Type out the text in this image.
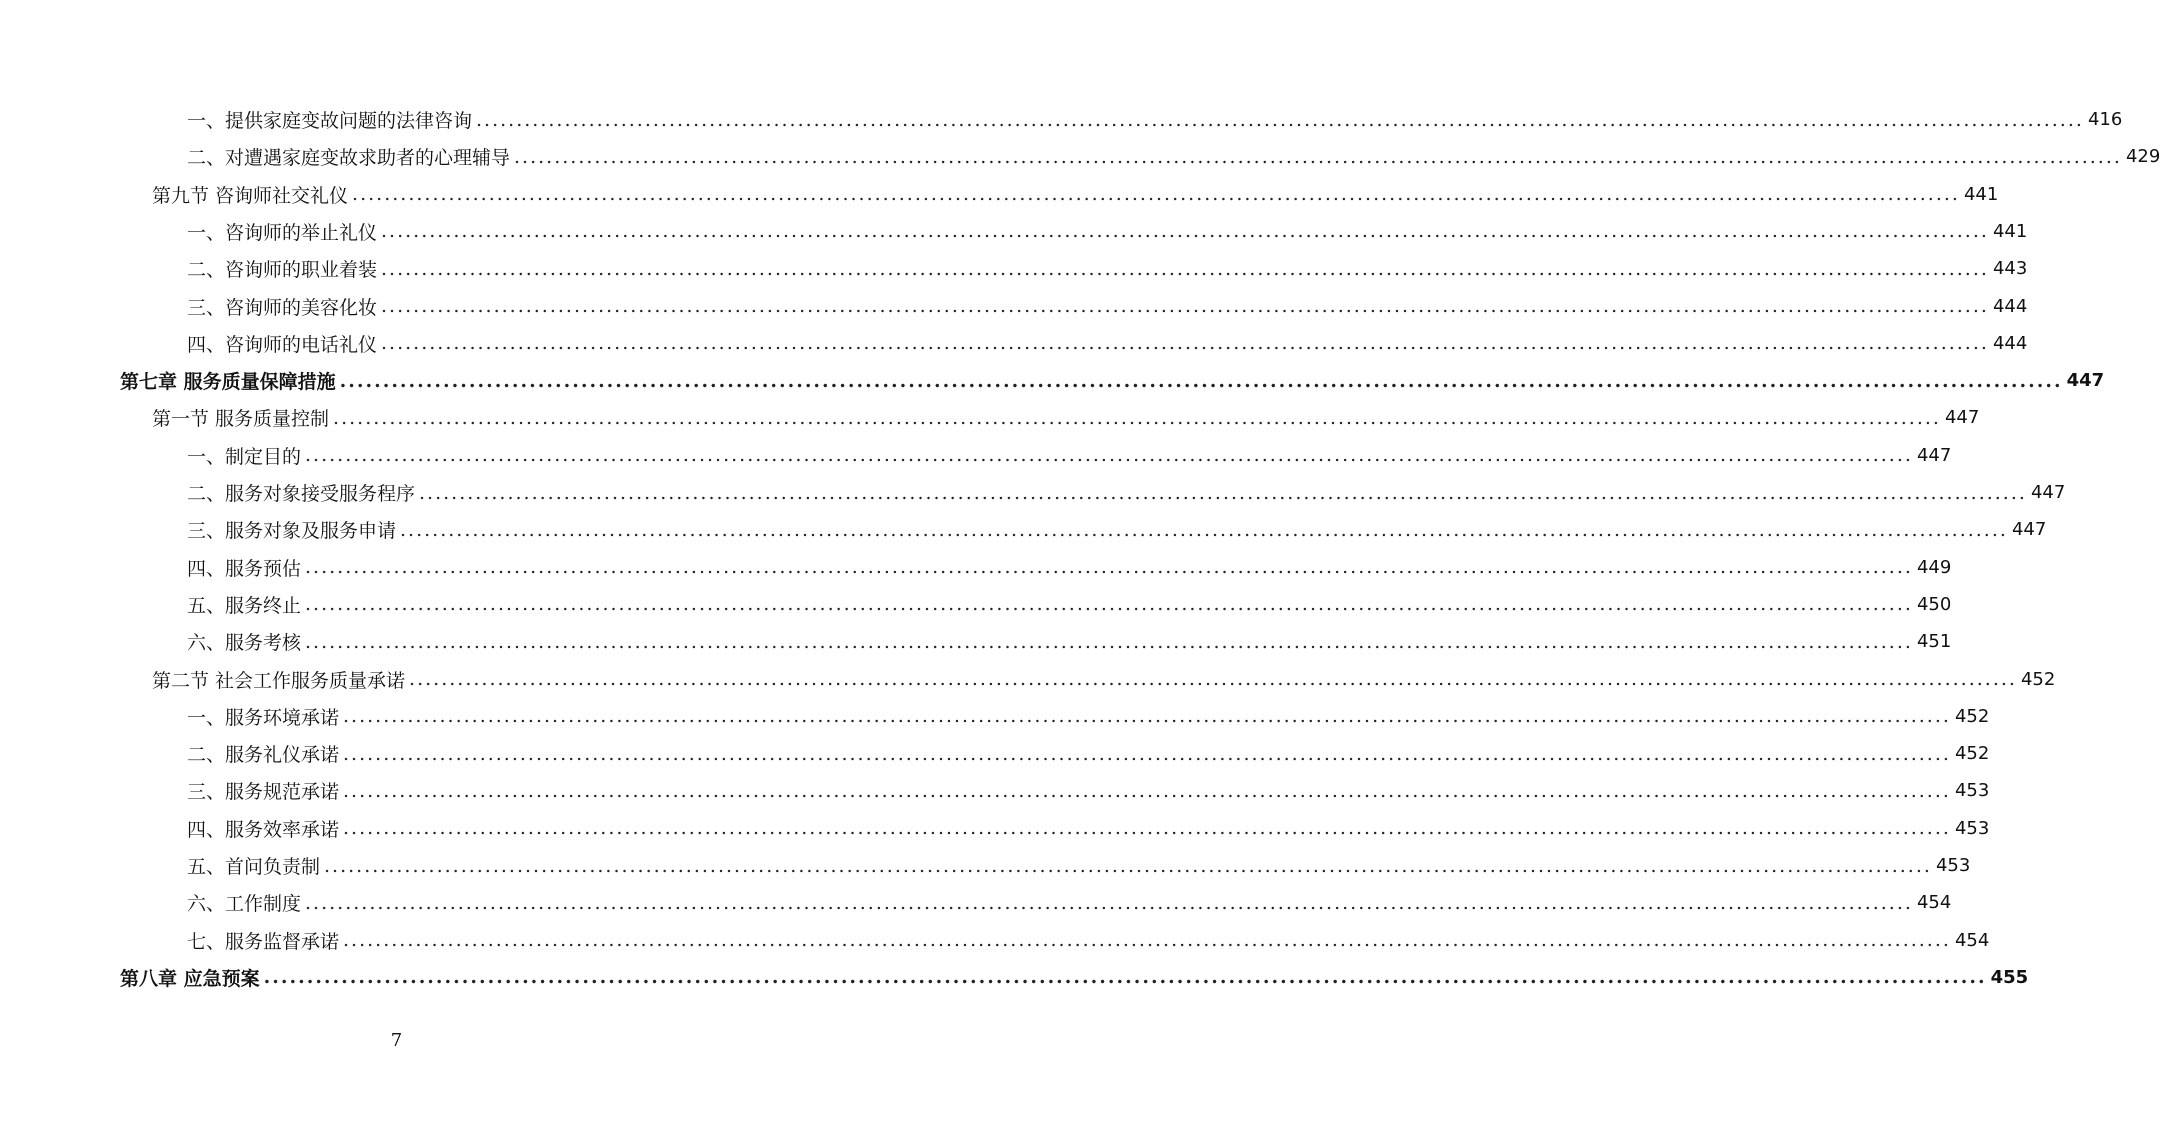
一、提供家庭变故问题的法律咨询 ........................................................................................................................................................................................................ 416
二、对遭遇家庭变故求助者的心理辅导 ........................................................................................................................................................................................................ 429
第九节 咨询师社交礼仪 ........................................................................................................................................................................................................ 441
一、咨询师的举止礼仪 ........................................................................................................................................................................................................ 441
二、咨询师的职业着装 ........................................................................................................................................................................................................ 443
三、咨询师的美容化妆 ........................................................................................................................................................................................................ 444
四、咨询师的电话礼仪 ........................................................................................................................................................................................................ 444
第七章 服务质量保障措施 ........................................................................................................................................................................................................ 447
第一节 服务质量控制 ........................................................................................................................................................................................................ 447
一、制定目的 ........................................................................................................................................................................................................ 447
二、服务对象接受服务程序 ........................................................................................................................................................................................................ 447
三、服务对象及服务申请 ........................................................................................................................................................................................................ 447
四、服务预估 ........................................................................................................................................................................................................ 449
五、服务终止 ........................................................................................................................................................................................................ 450
六、服务考核 ........................................................................................................................................................................................................ 451
第二节 社会工作服务质量承诺 ........................................................................................................................................................................................................ 452
一、服务环境承诺 ........................................................................................................................................................................................................ 452
二、服务礼仪承诺 ........................................................................................................................................................................................................ 452
三、服务规范承诺 ........................................................................................................................................................................................................ 453
四、服务效率承诺 ........................................................................................................................................................................................................ 453
五、首问负责制 ........................................................................................................................................................................................................ 453
六、工作制度 ........................................................................................................................................................................................................ 454
七、服务监督承诺 ........................................................................................................................................................................................................ 454
第八章 应急预案 ........................................................................................................................................................................................................ 455
7
